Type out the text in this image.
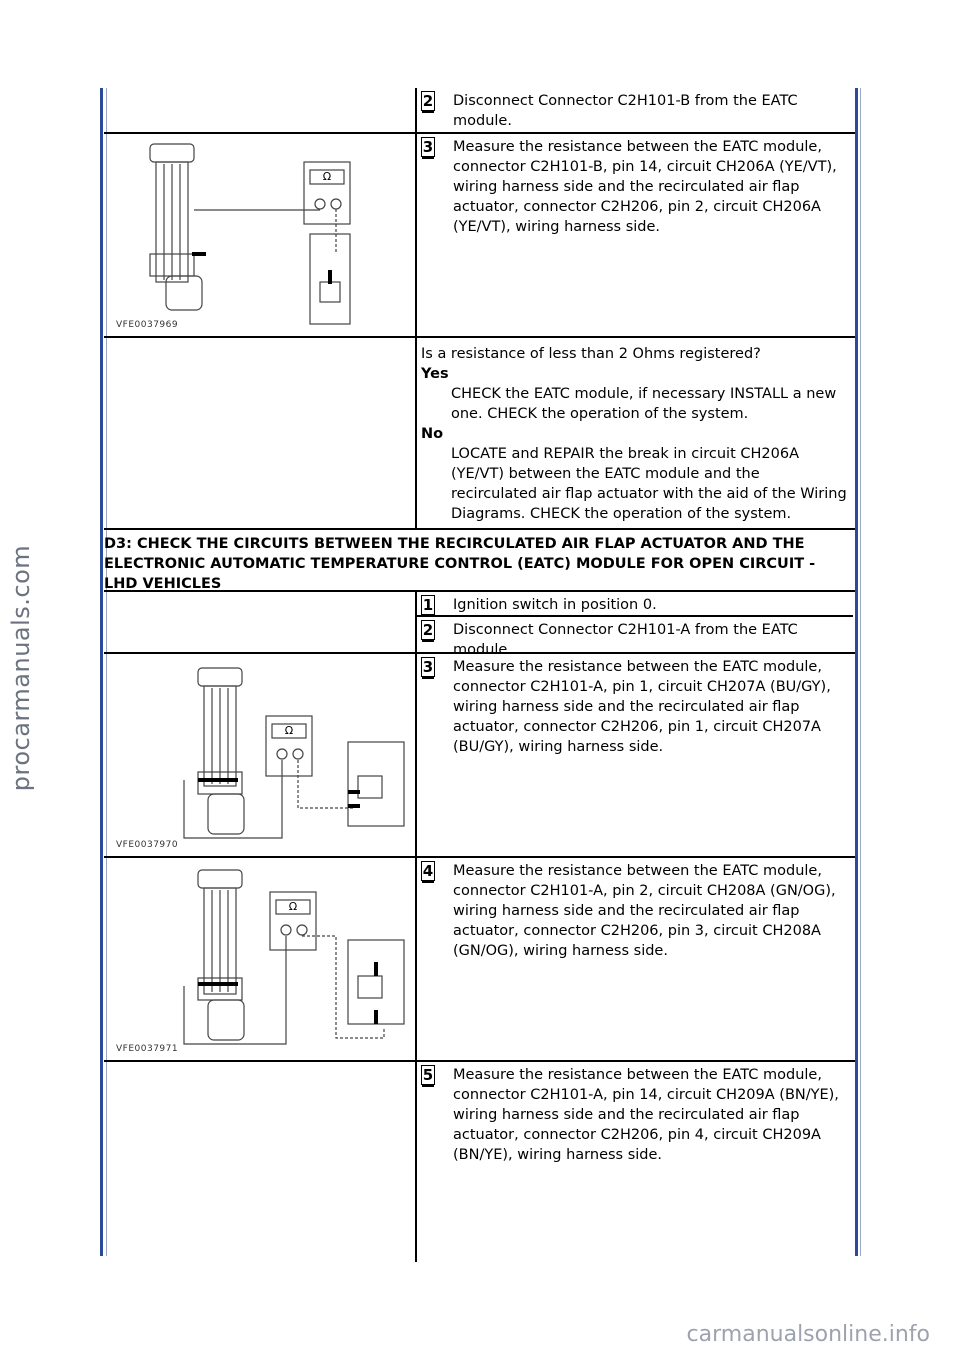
procarmanuals.com
2 Disconnect Connector C2H101-B from the EATC module.
Ω
VFE0037969
3 Measure the resistance between the EATC module, connector C2H101-B, pin 14, circuit CH206A (YE/VT), wiring harness side and the recirculated air flap actuator, connector C2H206, pin 2, circuit CH206A (YE/VT), wiring harness side.
Is a resistance of less than 2 Ohms registered?
Yes
CHECK the EATC module, if necessary INSTALL a new one. CHECK the operation of the system.
No
LOCATE and REPAIR the break in circuit CH206A (YE/VT) between the EATC module and the recirculated air flap actuator with the aid of the Wiring Diagrams. CHECK the operation of the system.
D3: CHECK THE CIRCUITS BETWEEN THE RECIRCULATED AIR FLAP ACTUATOR AND THE ELECTRONIC AUTOMATIC TEMPERATURE CONTROL (EATC) MODULE FOR OPEN CIRCUIT - LHD VEHICLES
1 Ignition switch in position 0.
2 Disconnect Connector C2H101-A from the EATC module.
Ω
VFE0037970
3 Measure the resistance between the EATC module, connector C2H101-A, pin 1, circuit CH207A (BU/GY), wiring harness side and the recirculated air flap actuator, connector C2H206, pin 1, circuit CH207A (BU/GY), wiring harness side.
Ω
VFE0037971
4 Measure the resistance between the EATC module, connector C2H101-A, pin 2, circuit CH208A (GN/OG), wiring harness side and the recirculated air flap actuator, connector C2H206, pin 3, circuit CH208A (GN/OG), wiring harness side.
5 Measure the resistance between the EATC module, connector C2H101-A, pin 14, circuit CH209A (BN/YE), wiring harness side and the recirculated air flap actuator, connector C2H206, pin 4, circuit CH209A (BN/YE), wiring harness side.
carmanualsonline.info
